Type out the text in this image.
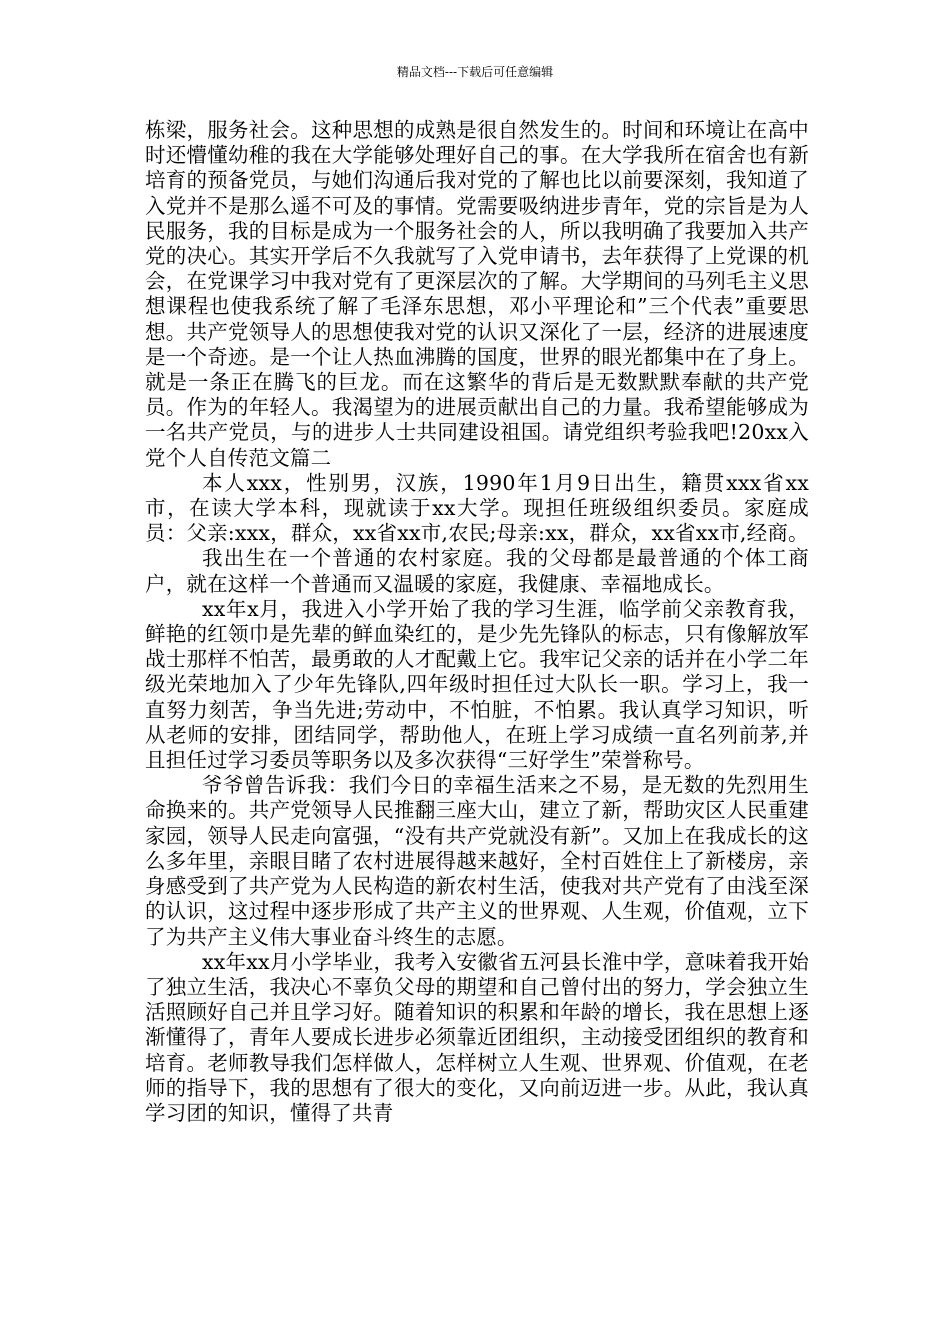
精品文档---下载后可任意编辑

栋梁，服务社会。这种思想的成熟是很自然发生的。时间和环境让在高中时还懵懂幼稚的我在大学能够处理好自己的事。在大学我所在宿舍也有新培育的预备党员，与她们沟通后我对党的了解也比以前要深刻，我知道了入党并不是那么遥不可及的事情。党需要吸纳进步青年，党的宗旨是为人民服务，我的目标是成为一个服务社会的人，所以我明确了我要加入共产党的决心。其实开学后不久我就写了入党申请书，去年获得了上党课的机会，在党课学习中我对党有了更深层次的了解。大学期间的马列毛主义思想课程也使我系统了解了毛泽东思想，邓小平理论和”三个代表”重要思想。共产党领导人的思想使我对党的认识又深化了一层，经济的进展速度是一个奇迹。是一个让人热血沸腾的国度，世界的眼光都集中在了身上。就是一条正在腾飞的巨龙。而在这繁华的背后是无数默默奉献的共产党员。作为的年轻人。我渴望为的进展贡献出自己的力量。我希望能够成为一名共产党员，与的进步人士共同建设祖国。请党组织考验我吧!20xx入党个人自传范文篇二

本人xxx，性别男，汉族，1990年1月9日出生，籍贯xxx省xx市，在读大学本科，现就读于xx大学。现担任班级组织委员。家庭成员：父亲:xxx，群众，xx省xx市,农民;母亲:xx，群众，xx省xx市,经商。

我出生在一个普通的农村家庭。我的父母都是最普通的个体工商户，就在这样一个普通而又温暖的家庭，我健康、幸福地成长。

xx年x月，我进入小学开始了我的学习生涯，临学前父亲教育我，鲜艳的红领巾是先辈的鲜血染红的，是少先先锋队的标志，只有像解放军战士那样不怕苦，最勇敢的人才配戴上它。我牢记父亲的话并在小学二年级光荣地加入了少年先锋队,四年级时担任过大队长一职。学习上，我一直努力刻苦，争当先进;劳动中，不怕脏，不怕累。我认真学习知识，听从老师的安排，团结同学，帮助他人，在班上学习成绩一直名列前茅,并且担任过学习委员等职务以及多次获得“三好学生”荣誉称号。

爷爷曾告诉我：我们今日的幸福生活来之不易，是无数的先烈用生命换来的。共产党领导人民推翻三座大山，建立了新，帮助灾区人民重建家园，领导人民走向富强，“没有共产党就没有新”。又加上在我成长的这么多年里，亲眼目睹了农村进展得越来越好，全村百姓住上了新楼房，亲身感受到了共产党为人民构造的新农村生活，使我对共产党有了由浅至深的认识，这过程中逐步形成了共产主义的世界观、人生观，价值观，立下了为共产主义伟大事业奋斗终生的志愿。

xx年xx月小学毕业，我考入安徽省五河县长淮中学，意味着我开始了独立生活，我决心不辜负父母的期望和自己曾付出的努力，学会独立生活照顾好自己并且学习好。随着知识的积累和年龄的增长，我在思想上逐渐懂得了，青年人要成长进步必须靠近团组织，主动接受团组织的教育和培育。老师教导我们怎样做人，怎样树立人生观、世界观、价值观，在老师的指导下，我的思想有了很大的变化，又向前迈进一步。从此，我认真学习团的知识，懂得了共青
